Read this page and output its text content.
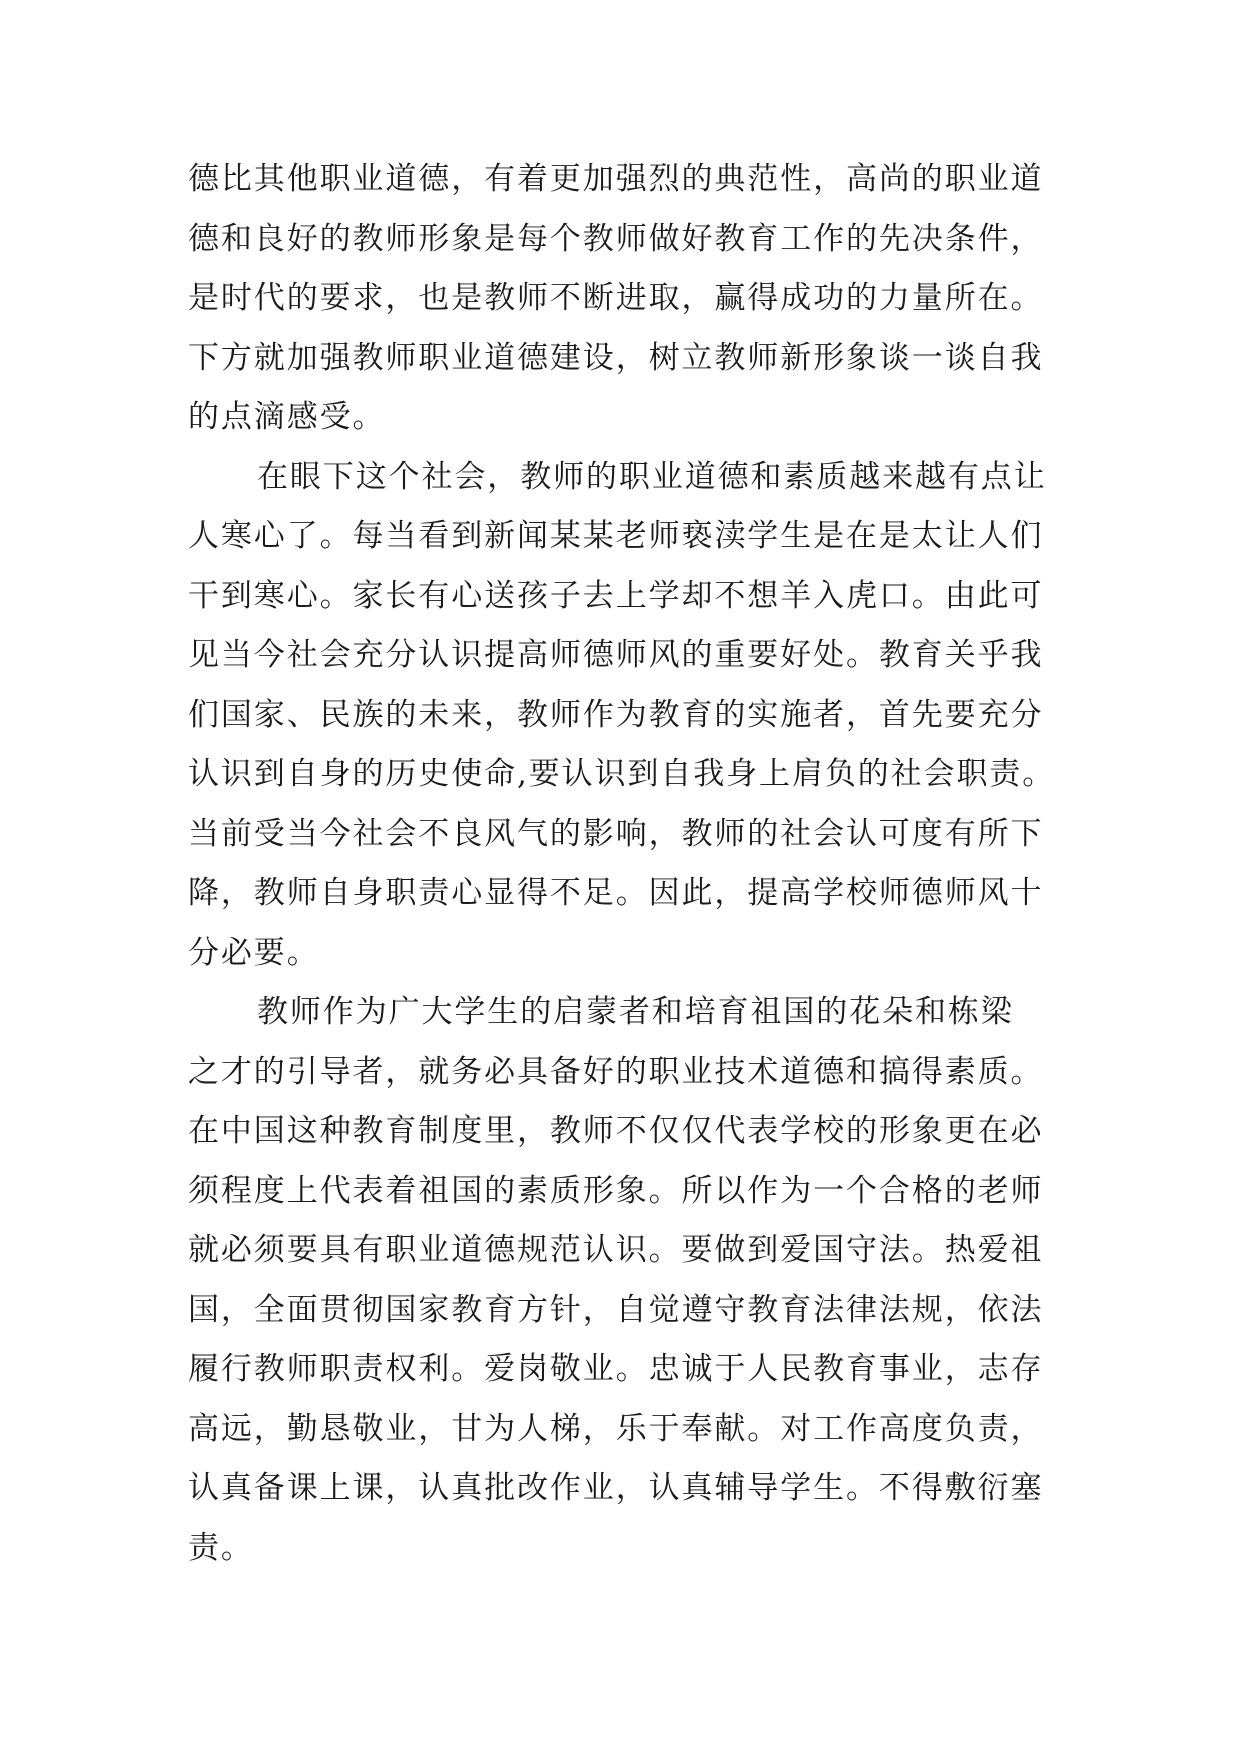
德比其他职业道德，有着更加强烈的典范性，高尚的职业道
德和良好的教师形象是每个教师做好教育工作的先决条件，
是时代的要求，也是教师不断进取，赢得成功的力量所在。
下方就加强教师职业道德建设，树立教师新形象谈一谈自我
的点滴感受。
在眼下这个社会，教师的职业道德和素质越来越有点让
人寒心了。每当看到新闻某某老师亵渎学生是在是太让人们
干到寒心。家长有心送孩子去上学却不想羊入虎口。由此可
见当今社会充分认识提高师德师风的重要好处。教育关乎我
们国家、民族的未来，教师作为教育的实施者，首先要充分
认识到自身的历史使命,要认识到自我身上肩负的社会职责。
当前受当今社会不良风气的影响，教师的社会认可度有所下
降，教师自身职责心显得不足。因此，提高学校师德师风十
分必要。
教师作为广大学生的启蒙者和培育祖国的花朵和栋梁
之才的引导者，就务必具备好的职业技术道德和搞得素质。
在中国这种教育制度里，教师不仅仅代表学校的形象更在必
须程度上代表着祖国的素质形象。所以作为一个合格的老师
就必须要具有职业道德规范认识。要做到爱国守法。热爱祖
国，全面贯彻国家教育方针，自觉遵守教育法律法规，依法
履行教师职责权利。爱岗敬业。忠诚于人民教育事业，志存
高远，勤恳敬业，甘为人梯，乐于奉献。对工作高度负责，
认真备课上课，认真批改作业，认真辅导学生。不得敷衍塞
责。
